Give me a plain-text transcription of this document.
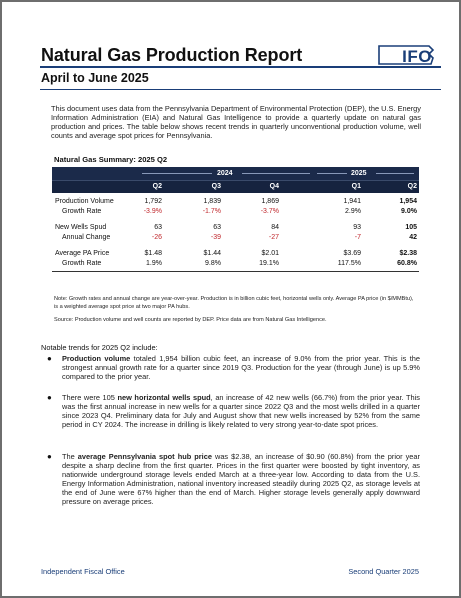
Natural Gas Production Report	IFO
April to June 2025
This document uses data from the Pennsylvania Department of Environmental Protection (DEP), the U.S. Energy Information Administration (EIA) and Natural Gas Intelligence to provide a quarterly update on natural gas production and prices. The table below shows recent trends in quarterly unconventional production volume, well counts and average spot prices for Pennsylvania.
Natural Gas Summary: 2025 Q2
2024	2025
Q2	Q3	Q4	Q1	Q2
Production Volume	1,792	1,839	1,869	1,941	1,954
Growth Rate	-3.9%	-1.7%	-3.7%	2.9%	9.0%
New Wells Spud	63	63	84	93	105
Annual Change	-26	-39	-27	-7	42
Average PA Price	$1.48	$1.44	$2.01	$3.69	$2.38
Growth Rate	1.9%	9.8%	19.1%	117.5%	60.8%
Note: Growth rates and annual change are year-over-year. Production is in billion cubic feet, horizontal wells only. Average PA price (in $/MMBtu), is a weighted average spot price at two major PA hubs.
Source: Production volume and well counts are reported by DEP. Price data are from Natural Gas Intelligence.
Notable trends for 2025 Q2 include:
● Production volume totaled 1,954 billion cubic feet, an increase of 9.0% from the prior year. This is the strongest annual growth rate for a quarter since 2019 Q3. Production for the year (through June) is up 5.9% compared to the prior year.
● There were 105 new horizontal wells spud, an increase of 42 new wells (66.7%) from the prior year. This was the first annual increase in new wells for a quarter since 2022 Q3 and the most wells drilled in a quarter since 2023 Q4. Preliminary data for July and August show that new wells increased by 52% from the same period in CY 2024. The increase in drilling is likely related to very strong year-to-date spot prices.
● The average Pennsylvania spot hub price was $2.38, an increase of $0.90 (60.8%) from the prior year despite a sharp decline from the first quarter. Prices in the first quarter were boosted by tight inventory, as nationwide underground storage levels ended March at a three-year low. According to data from the U.S. Energy Information Administration, national inventory increased steadily during 2025 Q2, as storage levels at the end of June were 67% higher than the end of March. Higher storage levels generally apply downward pressure on average prices.
Independent Fiscal Office	Second Quarter 2025
